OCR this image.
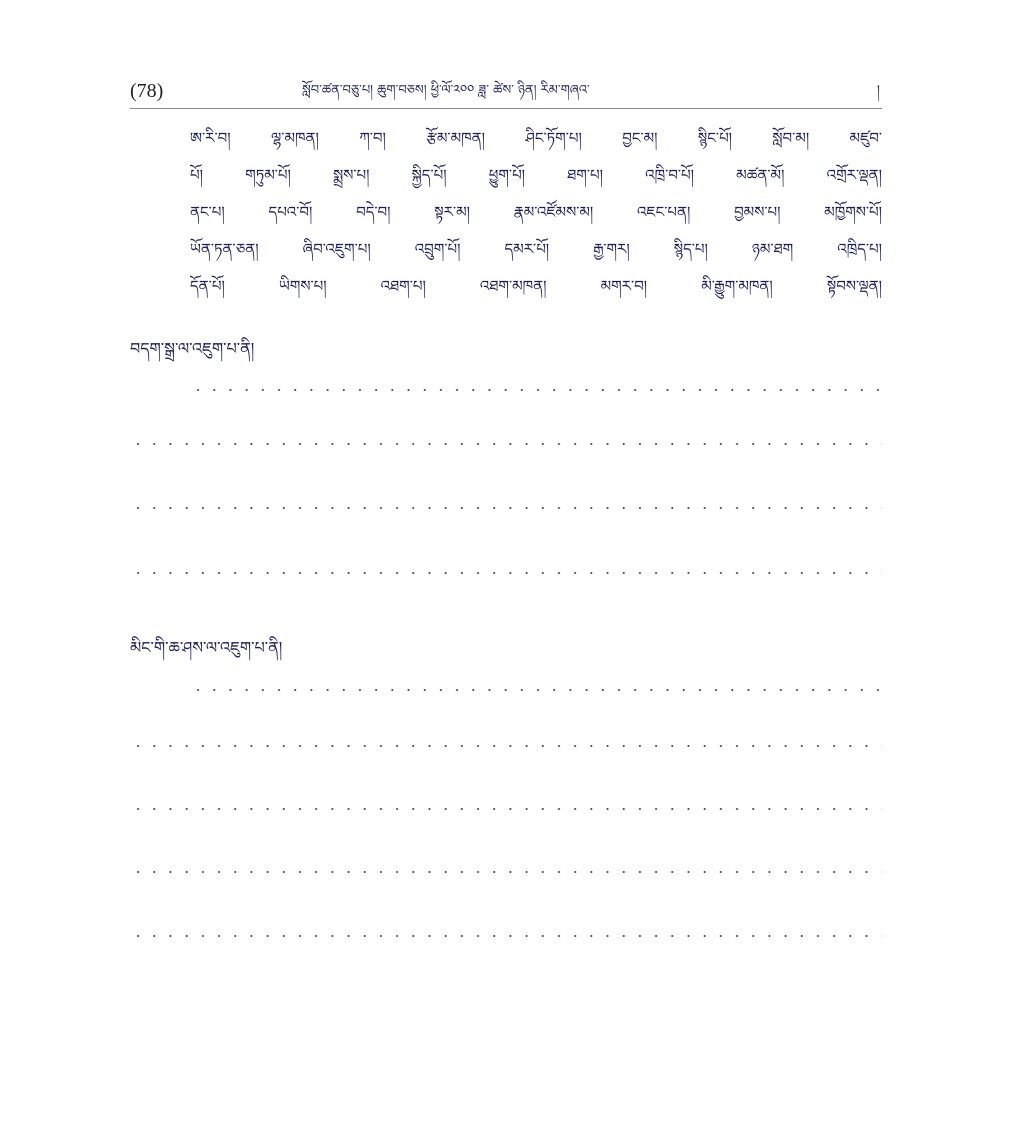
(78)	སློབ་ཚན་བཅུ་པ། ཆུག་བཅས། ཕྱི་ལོ་༢༠༠ ཟླ་ ཚེས་ ཉིན། རིམ་གཞའ་	།
ཨ་རི་བ། ལྷ་མཁན། ཀ་བ། རྩོམ་མཁན། ཤིང་ཏོག་པ། བྱང་མ། སྙིང་པོ། སློབ་མ། མཛུབ་
པོ། གཏུམ་པོ། སྨྲས་པ། སྐྱིད་པོ། ཕྱུག་པོ། ཐག་པ། འཁྲི་བ་པོ། མཚན་མོ། འགྲོར་ལྡན།
ནང་པ། དཔའ་བོ། བདེ་བ། སྟར་མ། རྣམ་འཛོམས་མ། འཇང་པན། བྱམས་པ། མཁྱོགས་པོ།
ཡོན་ཏན་ཅན། ཞིབ་འཇུག་པ། འབྲུག་པོ། དམར་པོ། རྒྱ་གར། སྙིད་པ། ཉམ་ཐག འཁྲིད་པ།
དོན་པོ། ཡིགས་པ། འཐག་པ། འཐག་མཁན། མགར་བ། མི་རྒྱུག་མཁན། སྟོབས་ལྡན།
བདག་སྒྲ་ལ་འཇུག་པ་ནི།
མིང་གི་ཆ་ཤས་ལ་འཇུག་པ་ནི།
